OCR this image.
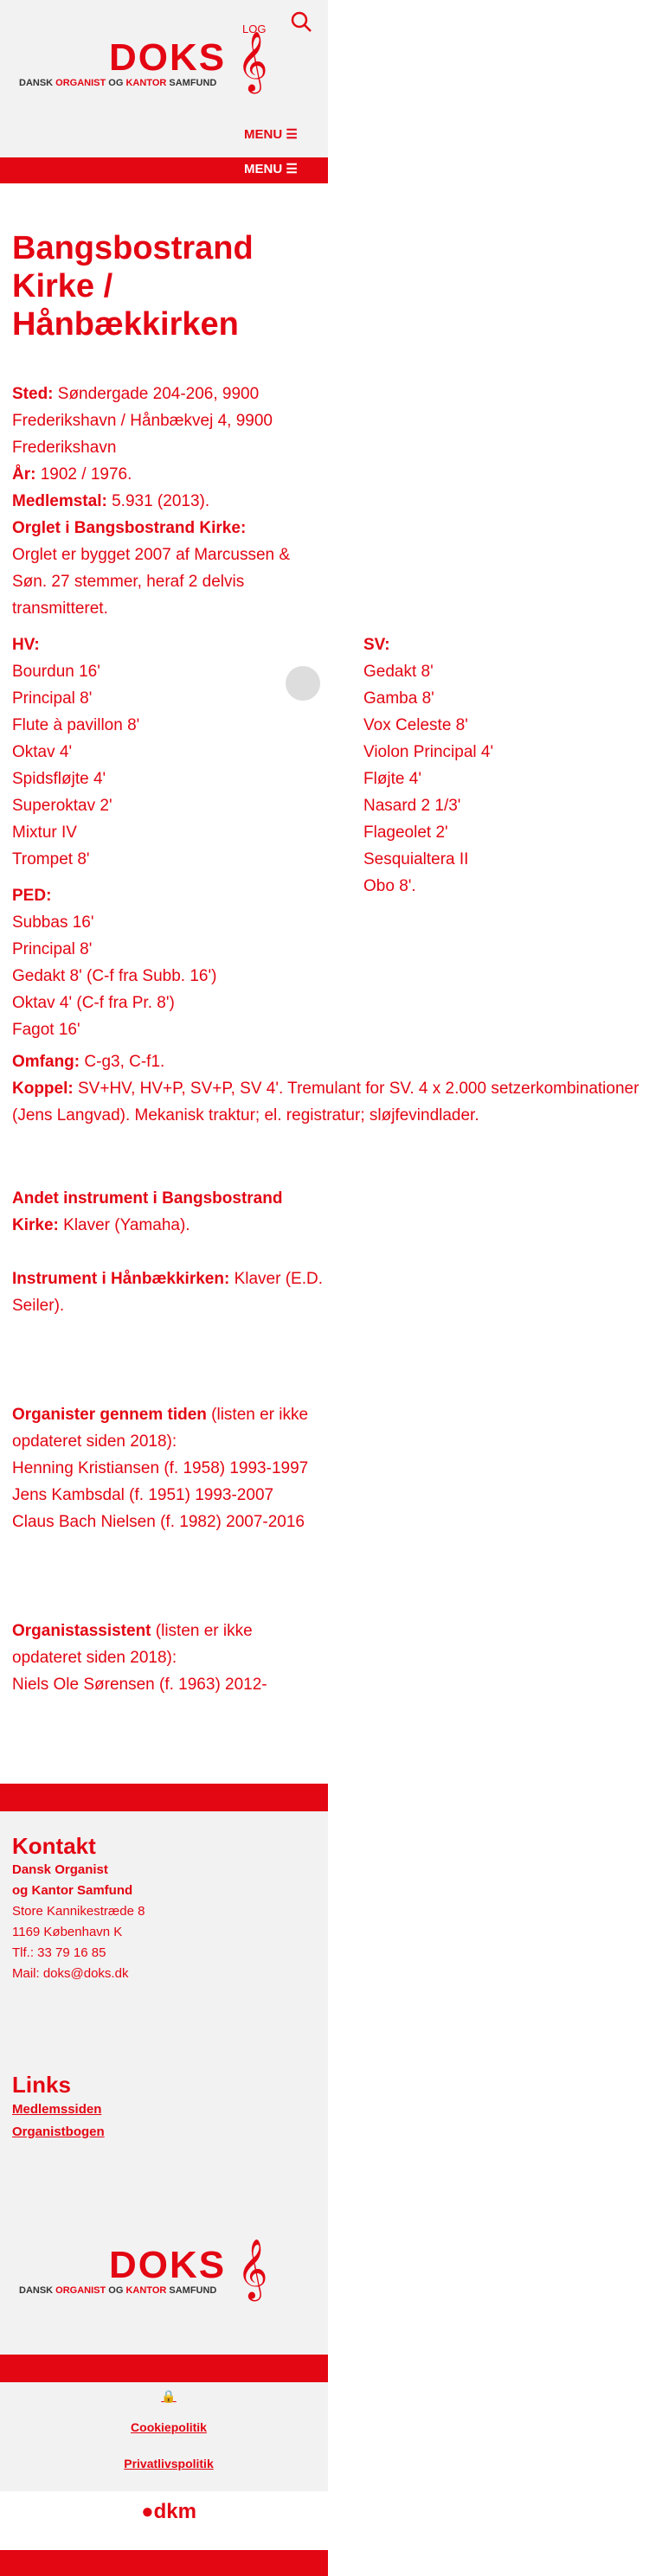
LOG
DOKS 𝄞
DANSK ORGANIST OG KANTOR SAMFUND
MENU ☰
MENU ☰
Bangsbostrand Kirke / Hånbækkirken

Sted: Søndergade 204-206, 9900 Frederikshavn / Hånbækvej 4, 9900 Frederikshavn

År: 1902 / 1976.

Medlemstal: 5.931 (2013).

Orglet i Bangsbostrand Kirke:

Orglet er bygget 2007 af Marcussen & Søn. 27 stemmer, heraf 2 delvis transmitteret.

HV:
Bourdun 16'
Principal 8'
Flute à pavillon 8'
Oktav 4'
Spidsfløjte 4'
Superoktav 2'
Mixtur IV
Trompet 8'
SV:
Gedakt 8'
Gamba 8'
Vox Celeste 8'
Violon Principal 4'
Fløjte 4'
Nasard 2 1/3'
Flageolet 2'
Sesquialtera II
Obo 8'.
PED:
Subbas 16'
Principal 8'
Gedakt 8' (C-f fra Subb. 16')
Oktav 4' (C-f fra Pr. 8')
Fagot 16'

Omfang: C-g3, C-f1.

Koppel: SV+HV, HV+P, SV+P, SV 4'. Tremulant for SV. 4 x 2.000 setzerkombinationer (Jens Langvad). Mekanisk traktur; el. registratur; sløjfevindlader.

Andet instrument i Bangsbostrand Kirke: Klaver (Yamaha).

Instrument i Hånbækkirken: Klaver (E.D. Seiler).

Organister gennem tiden (listen er ikke opdateret siden 2018):

Henning Kristiansen (f. 1958) 1993-1997

Jens Kambsdal (f. 1951) 1993-2007

Claus Bach Nielsen (f. 1982) 2007-2016

Organistassistent (listen er ikke opdateret siden 2018):

Niels Ole Sørensen (f. 1963) 2012-

Kontakt
Dansk Organist
og Kantor Samfund
Store Kannikestræde 8
1169 København K
Tlf.: 33 79 16 85
Mail: doks@doks.dk
Links
Medlemssiden
Organistbogen
DOKS 𝄞
DANSK ORGANIST OG KANTOR SAMFUND
🔒
Cookiepolitik
Privatlivspolitik
●dkm
